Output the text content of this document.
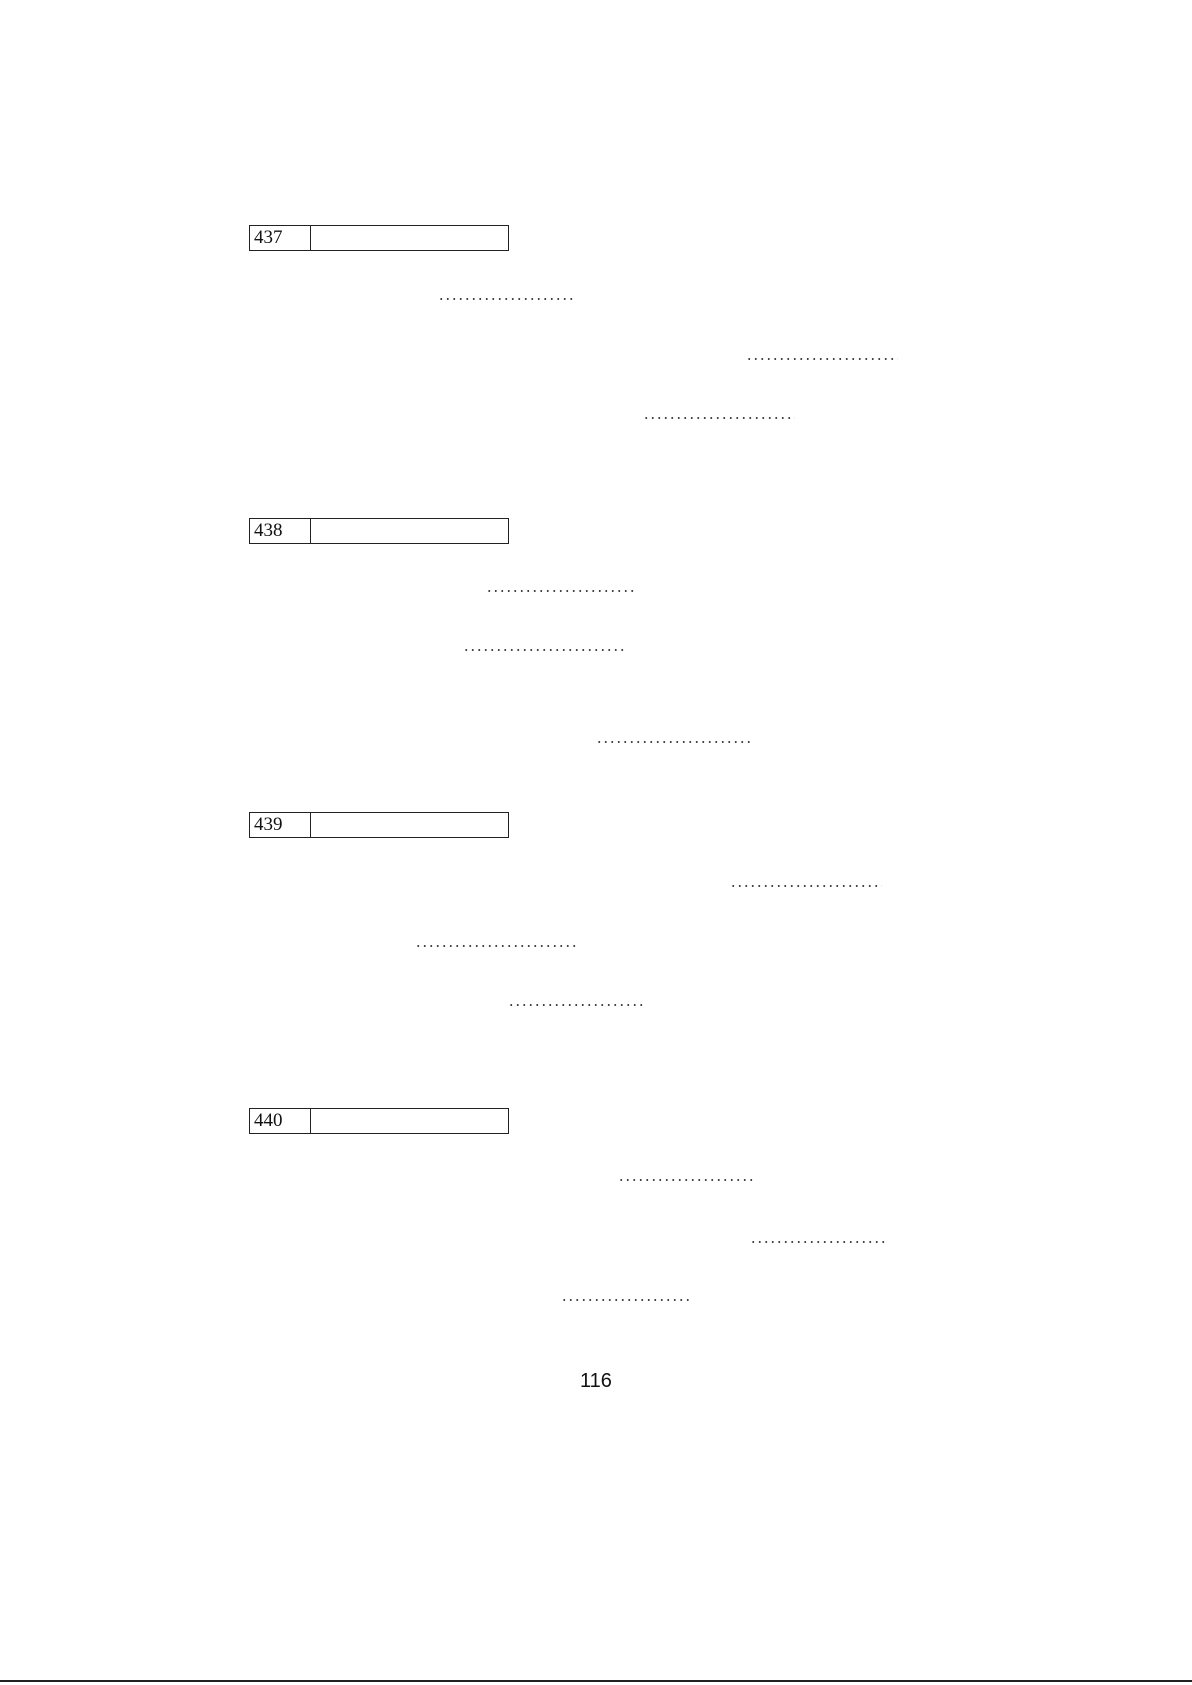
437
438
439
440
116
